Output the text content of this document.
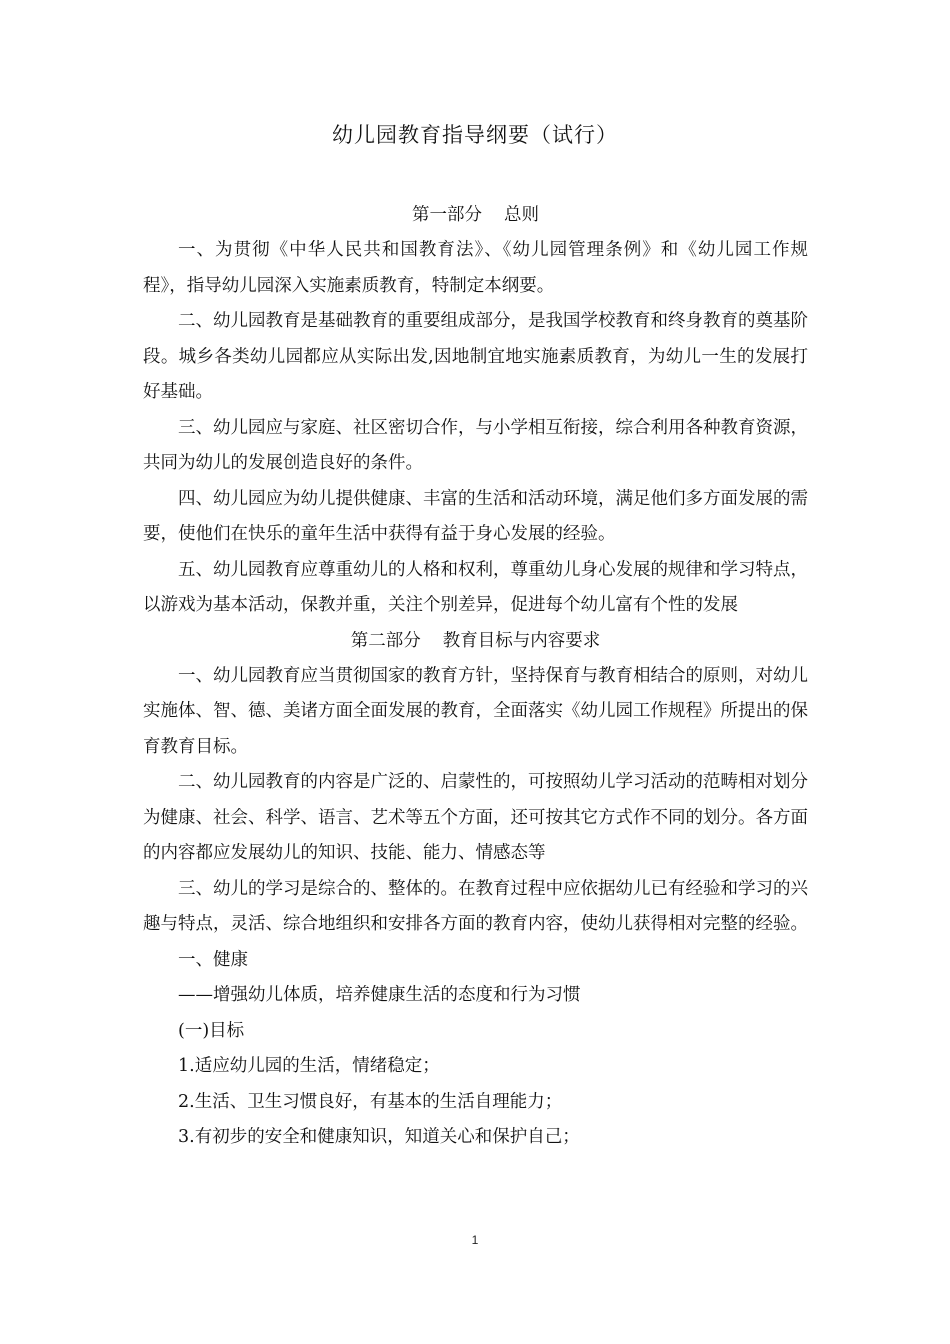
幼儿园教育指导纲要（试行）
第一部分 总则

一、为贯彻《中华人民共和国教育法》、《幼儿园管理条例》和《幼儿园工作规程》，指导幼儿园深入实施素质教育，特制定本纲要。

二、幼儿园教育是基础教育的重要组成部分，是我国学校教育和终身教育的奠基阶段。城乡各类幼儿园都应从实际出发,因地制宜地实施素质教育，为幼儿一生的发展打好基础。

三、幼儿园应与家庭、社区密切合作，与小学相互衔接，综合利用各种教育资源，共同为幼儿的发展创造良好的条件。

四、幼儿园应为幼儿提供健康、丰富的生活和活动环境，满足他们多方面发展的需要，使他们在快乐的童年生活中获得有益于身心发展的经验。

五、幼儿园教育应尊重幼儿的人格和权利，尊重幼儿身心发展的规律和学习特点，以游戏为基本活动，保教并重，关注个别差异，促进每个幼儿富有个性的发展

第二部分 教育目标与内容要求

一、幼儿园教育应当贯彻国家的教育方针，坚持保育与教育相结合的原则，对幼儿实施体、智、德、美诸方面全面发展的教育，全面落实《幼儿园工作规程》所提出的保育教育目标。

二、幼儿园教育的内容是广泛的、启蒙性的，可按照幼儿学习活动的范畴相对划分为健康、社会、科学、语言、艺术等五个方面，还可按其它方式作不同的划分。各方面的内容都应发展幼儿的知识、技能、能力、情感态等

三、幼儿的学习是综合的、整体的。在教育过程中应依据幼儿已有经验和学习的兴趣与特点，灵活、综合地组织和安排各方面的教育内容，使幼儿获得相对完整的经验。

一、健康

——增强幼儿体质，培养健康生活的态度和行为习惯

(一)目标

1.适应幼儿园的生活，情绪稳定；

2.生活、卫生习惯良好，有基本的生活自理能力；

3.有初步的安全和健康知识，知道关心和保护自己；

1
